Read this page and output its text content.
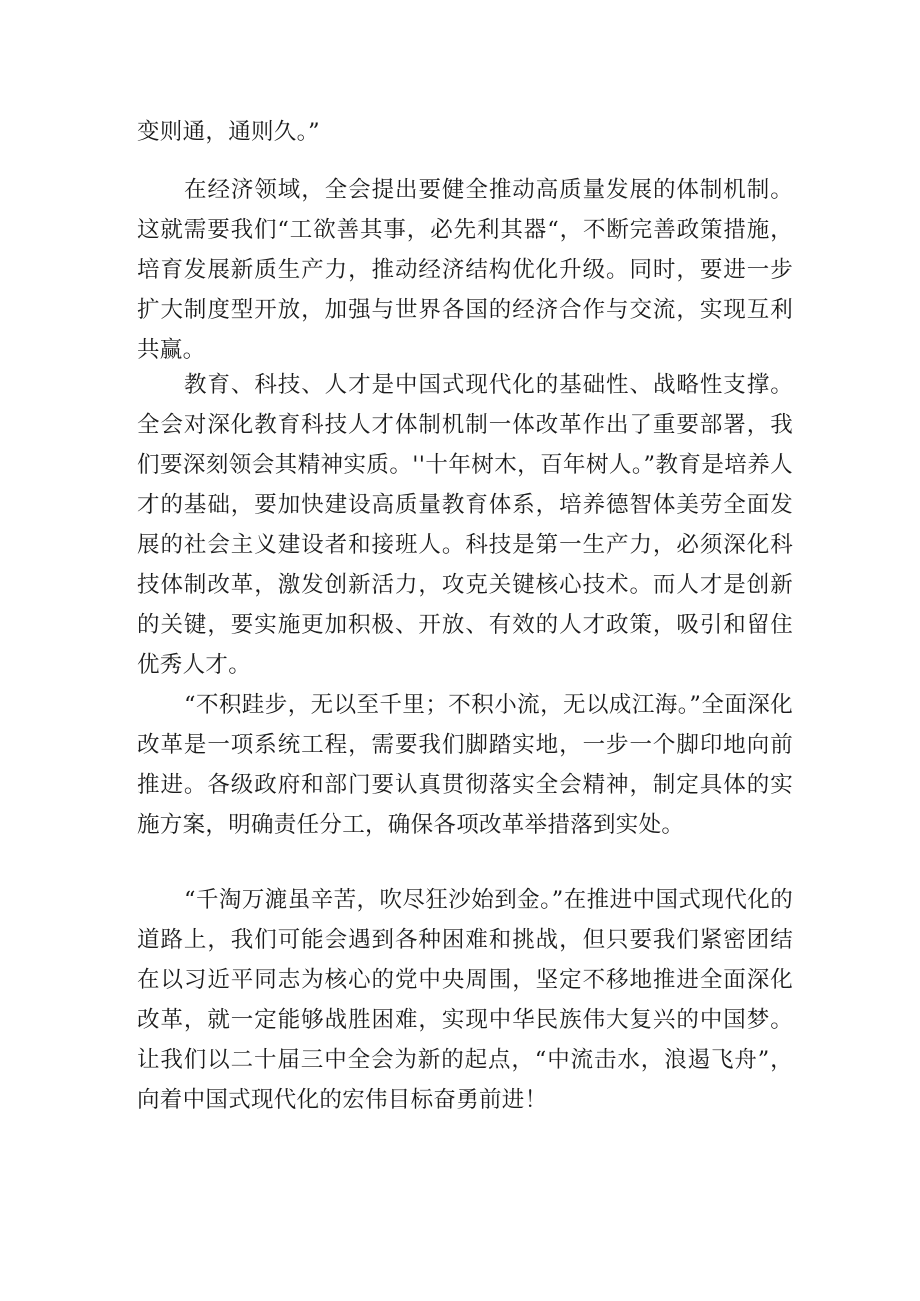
变则通，通则久。”

在经济领域，全会提出要健全推动高质量发展的体制机制。这就需要我们“工欲善其事，必先利其器“，不断完善政策措施，培育发展新质生产力，推动经济结构优化升级。同时，要进一步扩大制度型开放，加强与世界各国的经济合作与交流，实现互利共赢。

教育、科技、人才是中国式现代化的基础性、战略性支撑。全会对深化教育科技人才体制机制一体改革作出了重要部署，我们要深刻领会其精神实质。''十年树木，百年树人。”教育是培养人才的基础，要加快建设高质量教育体系，培养德智体美劳全面发展的社会主义建设者和接班人。科技是第一生产力，必须深化科技体制改革，激发创新活力，攻克关键核心技术。而人才是创新的关键，要实施更加积极、开放、有效的人才政策，吸引和留住优秀人才。

“不积跬步，无以至千里；不积小流，无以成江海。”全面深化改革是一项系统工程，需要我们脚踏实地，一步一个脚印地向前推进。各级政府和部门要认真贯彻落实全会精神，制定具体的实施方案，明确责任分工，确保各项改革举措落到实处。

“千淘万漉虽辛苦，吹尽狂沙始到金。”在推进中国式现代化的道路上，我们可能会遇到各种困难和挑战，但只要我们紧密团结在以习近平同志为核心的党中央周围，坚定不移地推进全面深化改革，就一定能够战胜困难，实现中华民族伟大复兴的中国梦。让我们以二十届三中全会为新的起点，“中流击水，浪遏飞舟”，向着中国式现代化的宏伟目标奋勇前进！
